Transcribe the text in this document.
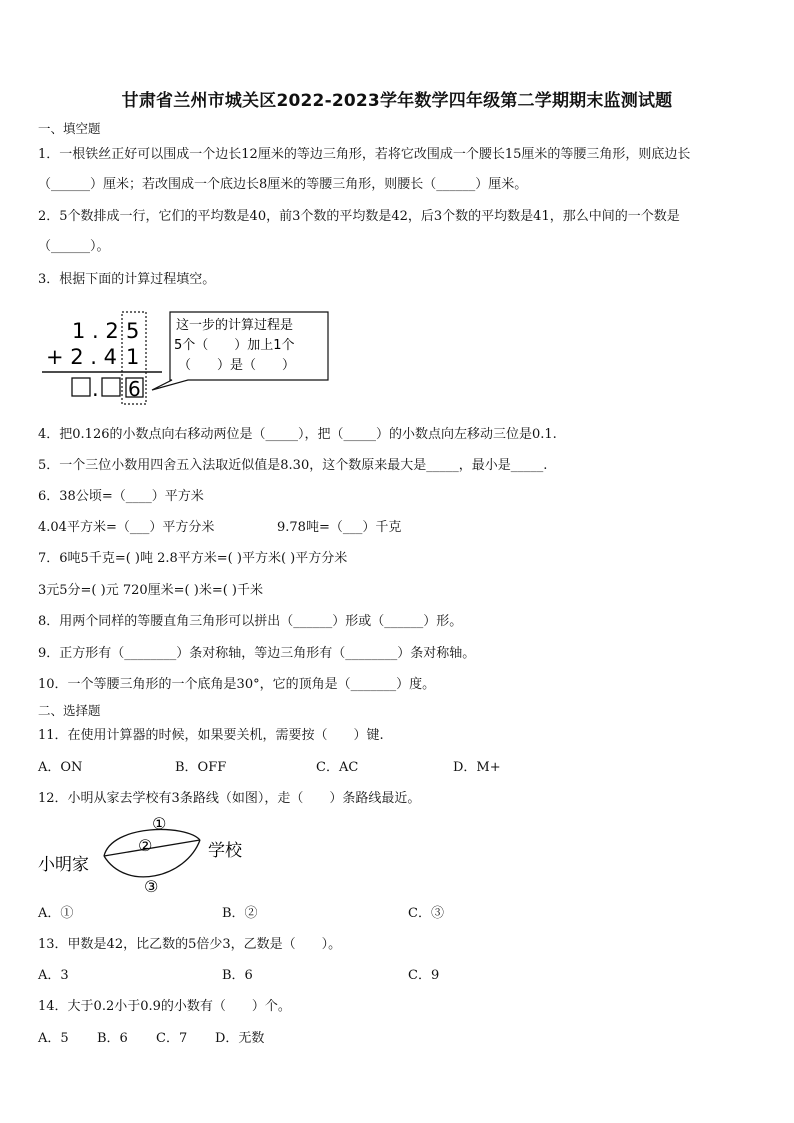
甘肃省兰州市城关区2022-2023学年数学四年级第二学期期末监测试题
一、填空题
1．一根铁丝正好可以围成一个边长12厘米的等边三角形，若将它改围成一个腰长15厘米的等腰三角形，则底边长
（______）厘米；若改围成一个底边长8厘米的等腰三角形，则腰长（______）厘米。
2．5个数排成一行，它们的平均数是40，前3个数的平均数是42，后3个数的平均数是41，那么中间的一个数是
（______）。
3．根据下面的计算过程填空。
1 . 2 5
+ 2 . 4 1
. 6
这一步的计算过程是
5个（　　）加上1个
（　　）是（　　）
4．把0.126的小数点向右移动两位是（_____），把（_____）的小数点向左移动三位是0.1.
5．一个三位小数用四舍五入法取近似值是8.30，这个数原来最大是_____，最小是_____.
6．38公顷=（____）平方米
4.04平方米=（___）平方分米	9.78吨=（___）千克
7．6吨5千克=( )吨 2.8平方米=( )平方米( )平方分米
3元5分=( )元 720厘米=( )米=( )千米
8．用两个同样的等腰直角三角形可以拼出（______）形或（______）形。
9．正方形有（________）条对称轴，等边三角形有（________）条对称轴。
10．一个等腰三角形的一个底角是30°，它的顶角是（_______）度。
二、选择题
11．在使用计算器的时候，如果要关机，需要按（　　）键.
A．ON	B．OFF	C．AC	D．M+
12．小明从家去学校有3条路线（如图），走（　　）条路线最近。
①
②
③
小明家
学校
A．①	B．②	C．③
13．甲数是42，比乙数的5倍少3，乙数是（　　）。
A．3	B．6	C．9
14．大于0.2小于0.9的小数有（　　）个。
A．5 B．6 C．7 D．无数
